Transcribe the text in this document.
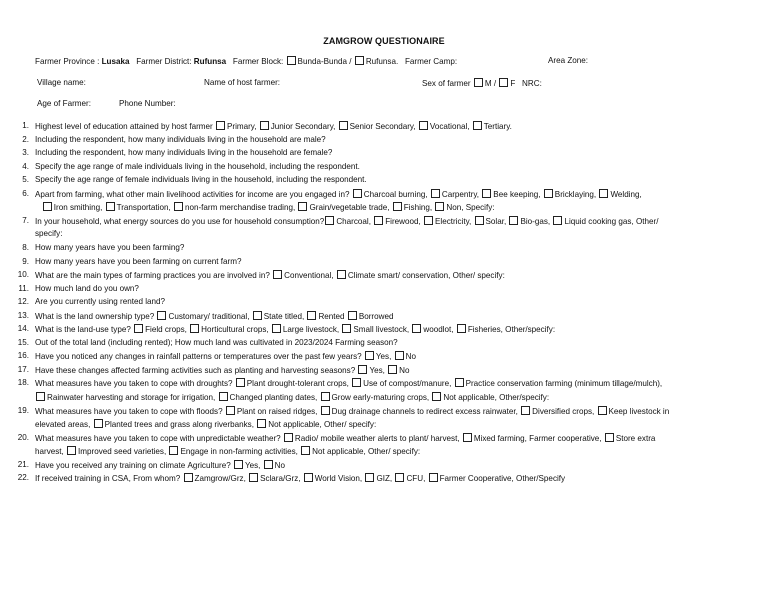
ZAMGROW QUESTIONAIRE
Farmer Province : Lusaka Farmer District: Rufunsa Farmer Block: Bunda-Bunda / Rufunsa. Farmer Camp:	Area Zone:
Village name:	Name of host farmer:	Sex of farmer M / F NRC:
Age of Farmer:	Phone Number:
1. Highest level of education attained by host farmer Primary, Junior Secondary, Senior Secondary, Vocational, Tertiary.
2. Including the respondent, how many individuals living in the household are male?
3. Including the respondent, how many individuals living in the household are female?
4. Specify the age range of male individuals living in the household, including the respondent.
5. Specify the age range of female individuals living in the household, including the respondent.
6. Apart from farming, what other main livelihood activities for income are you engaged in? Charcoal burning, Carpentry, Bee keeping, Bricklaying, Welding,
Iron smithing, Transportation, non-farm merchandise trading, Grain/vegetable trade, Fishing, Non, Specify:
7. In your household, what energy sources do you use for household consumption? Charcoal, Firewood, Electricity, Solar, Bio-gas, Liquid cooking gas, Other/
specify:
8. How many years have you been farming?
9. How many years have you been farming on current farm?
10. What are the main types of farming practices you are involved in? Conventional, Climate smart/ conservation, Other/ specify:
11. How much land do you own?
12. Are you currently using rented land?
13. What is the land ownership type? Customary/ traditional, State titled, Rented Borrowed
14. What is the land-use type? Field crops, Horticultural crops, Large livestock, Small livestock, woodlot, Fisheries, Other/specify:
15. Out of the total land (including rented); How much land was cultivated in 2023/2024 Farming season?
16. Have you noticed any changes in rainfall patterns or temperatures over the past few years? Yes, No
17. Have these changes affected farming activities such as planting and harvesting seasons? Yes, No
18. What measures have you taken to cope with droughts? Plant drought-tolerant crops, Use of compost/manure, Practice conservation farming (minimum tillage/mulch),
Rainwater harvesting and storage for irrigation, Changed planting dates, Grow early-maturing crops, Not applicable, Other/specify:
19. What measures have you taken to cope with floods? Plant on raised ridges, Dug drainage channels to redirect excess rainwater, Diversified crops, Keep livestock in
elevated areas, Planted trees and grass along riverbanks, Not applicable, Other/ specify:
20. What measures have you taken to cope with unpredictable weather? Radio/ mobile weather alerts to plant/ harvest, Mixed farming, Farmer cooperative, Store extra
harvest, Improved seed varieties, Engage in non-farming activities, Not applicable, Other/ specify:
21. Have you received any training on climate Agriculture? Yes, No
22. If received training in CSA, From whom? Zamgrow/Grz, Sclara/Grz, World Vision, GIZ, CFU, Farmer Cooperative, Other/Specify
